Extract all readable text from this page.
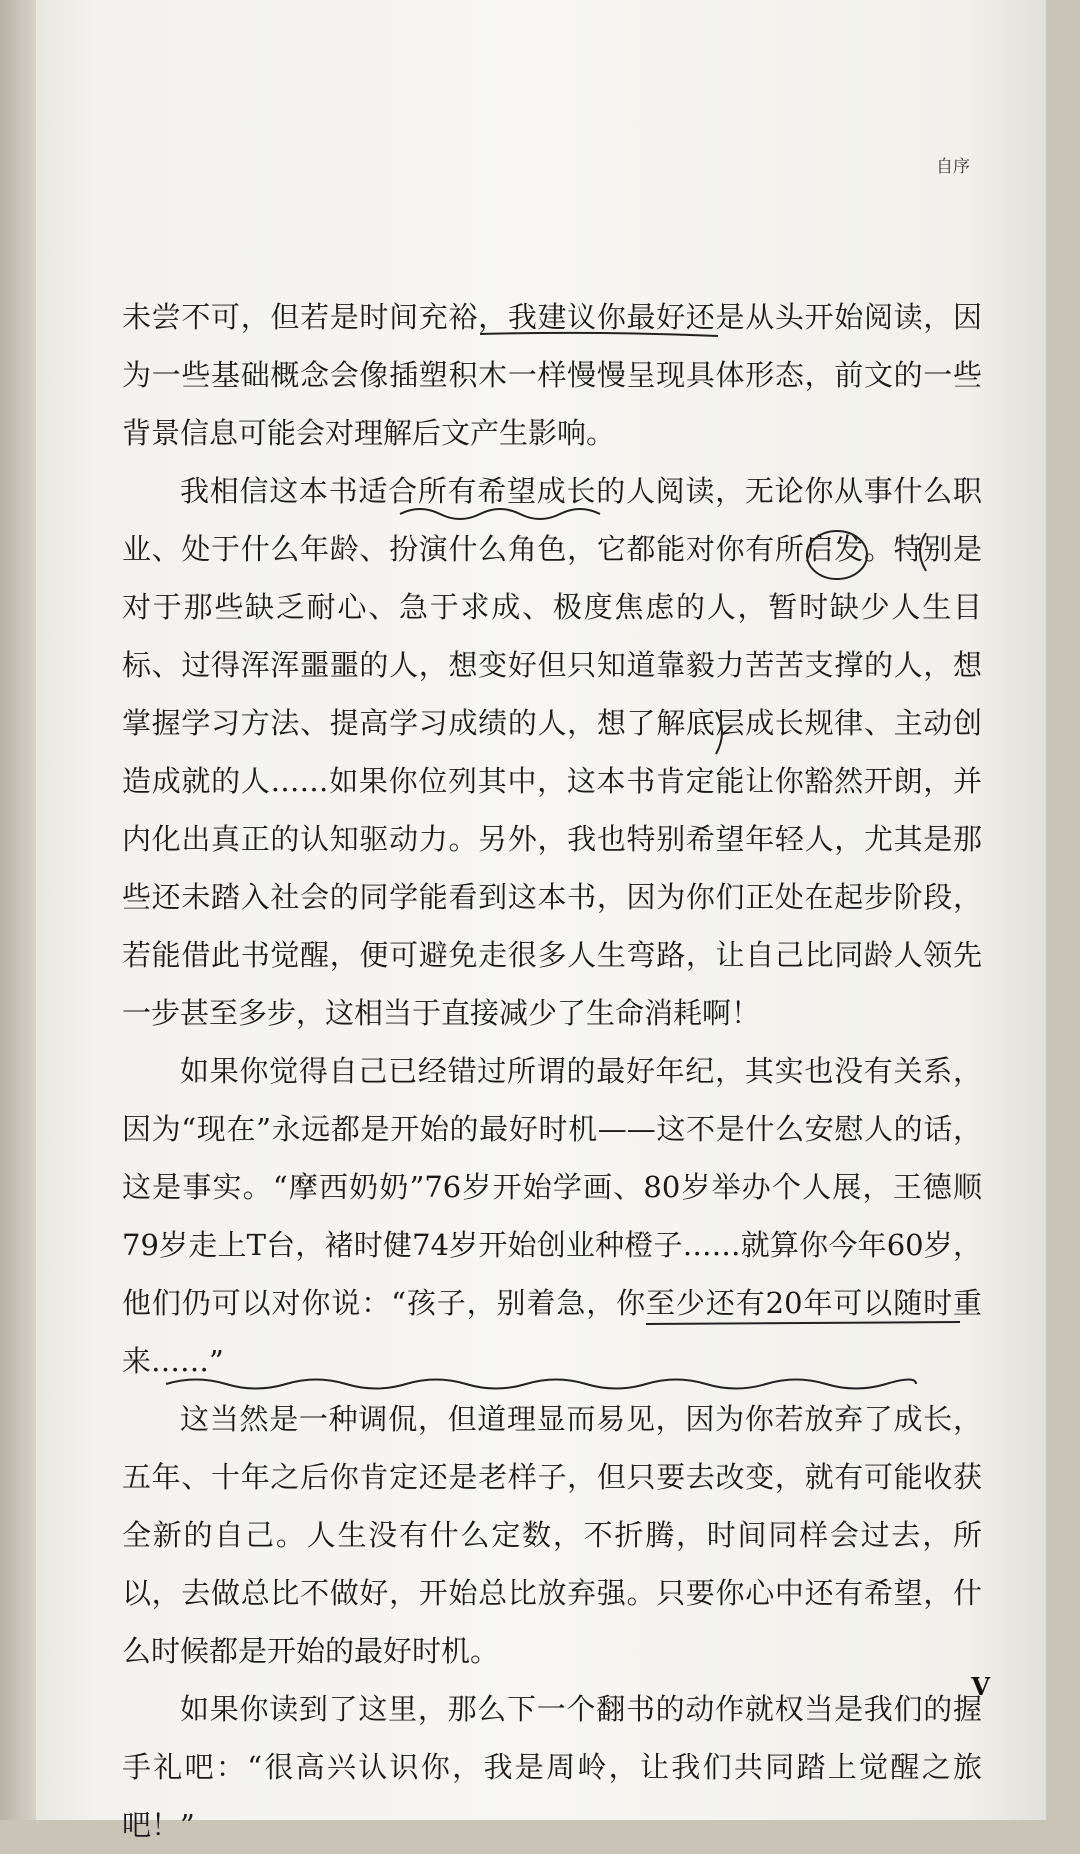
自序

未尝不可，但若是时间充裕，我建议你最好还是从头开始阅读，因为一些基础概念会像插塑积木一样慢慢呈现具体形态，前文的一些背景信息可能会对理解后文产生影响。

我相信这本书适合所有希望成长的人阅读，无论你从事什么职业、处于什么年龄、扮演什么角色，它都能对你有所启发。特别是对于那些缺乏耐心、急于求成、极度焦虑的人，暂时缺少人生目标、过得浑浑噩噩的人，想变好但只知道靠毅力苦苦支撑的人，想掌握学习方法、提高学习成绩的人，想了解底层成长规律、主动创造成就的人……如果你位列其中，这本书肯定能让你豁然开朗，并内化出真正的认知驱动力。另外，我也特别希望年轻人，尤其是那些还未踏入社会的同学能看到这本书，因为你们正处在起步阶段，若能借此书觉醒，便可避免走很多人生弯路，让自己比同龄人领先一步甚至多步，这相当于直接减少了生命消耗啊！

如果你觉得自己已经错过所谓的最好年纪，其实也没有关系，因为“现在”永远都是开始的最好时机——这不是什么安慰人的话，这是事实。“摩西奶奶”76岁开始学画、80岁举办个人展，王德顺79岁走上T台，褚时健74岁开始创业种橙子……就算你今年60岁，他们仍可以对你说：“孩子，别着急，你至少还有20年可以随时重来……”

这当然是一种调侃，但道理显而易见，因为你若放弃了成长，五年、十年之后你肯定还是老样子，但只要去改变，就有可能收获全新的自己。人生没有什么定数，不折腾，时间同样会过去，所以，去做总比不做好，开始总比放弃强。只要你心中还有希望，什么时候都是开始的最好时机。

如果你读到了这里，那么下一个翻书的动作就权当是我们的握手礼吧：“很高兴认识你，我是周岭，让我们共同踏上觉醒之旅吧！”

V
